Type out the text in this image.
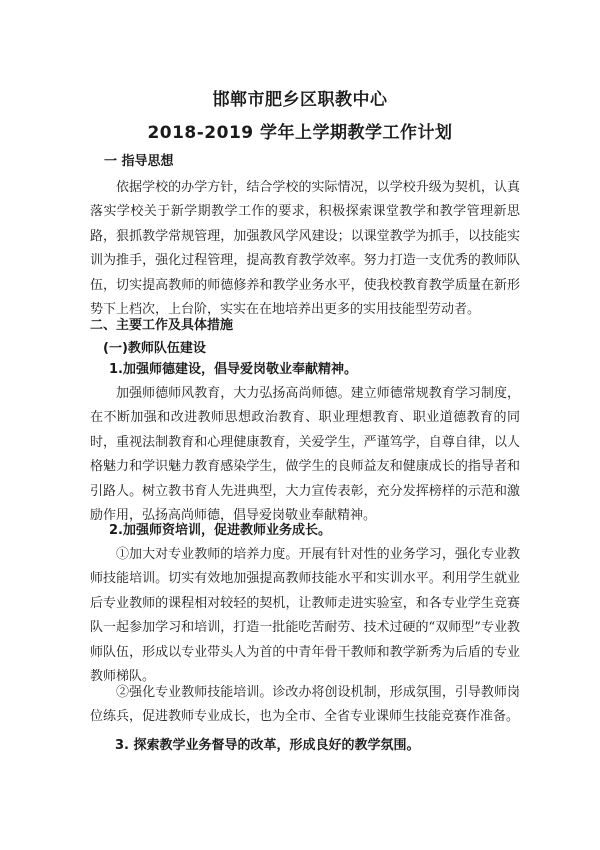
邯郸市肥乡区职教中心
2018-2019 学年上学期教学工作计划
一 指导思想

依据学校的办学方针，结合学校的实际情况，以学校升级为契机，认真落实学校关于新学期教学工作的要求，积极探索课堂教学和教学管理新思路，狠抓教学常规管理，加强教风学风建设；以课堂教学为抓手，以技能实训为推手，强化过程管理，提高教育教学效率。努力打造一支优秀的教师队伍，切实提高教师的师德修养和教学业务水平，使我校教育教学质量在新形势下上档次，上台阶，实实在在地培养出更多的实用技能型劳动者。

二、主要工作及具体措施
(一)教师队伍建设
1.加强师德建设，倡导爱岗敬业奉献精神。

加强师德师风教育，大力弘扬高尚师德。建立师德常规教育学习制度，在不断加强和改进教师思想政治教育、职业理想教育、职业道德教育的同时，重视法制教育和心理健康教育，关爱学生，严谨笃学，自尊自律，以人格魅力和学识魅力教育感染学生，做学生的良师益友和健康成长的指导者和引路人。树立教书育人先进典型，大力宣传表彰，充分发挥榜样的示范和激励作用，弘扬高尚师德，倡导爱岗敬业奉献精神。

2.加强师资培训，促进教师业务成长。

①加大对专业教师的培养力度。开展有针对性的业务学习，强化专业教师技能培训。切实有效地加强提高教师技能水平和实训水平。利用学生就业后专业教师的课程相对较轻的契机，让教师走进实验室，和各专业学生竞赛队一起参加学习和培训，打造一批能吃苦耐劳、技术过硬的“双师型”专业教师队伍，形成以专业带头人为首的中青年骨干教师和教学新秀为后盾的专业教师梯队。

②强化专业教师技能培训。诊改办将创设机制，形成氛围，引导教师岗位练兵，促进教师专业成长，也为全市、全省专业课师生技能竞赛作准备。

3. 探索教学业务督导的改革，形成良好的教学氛围。
